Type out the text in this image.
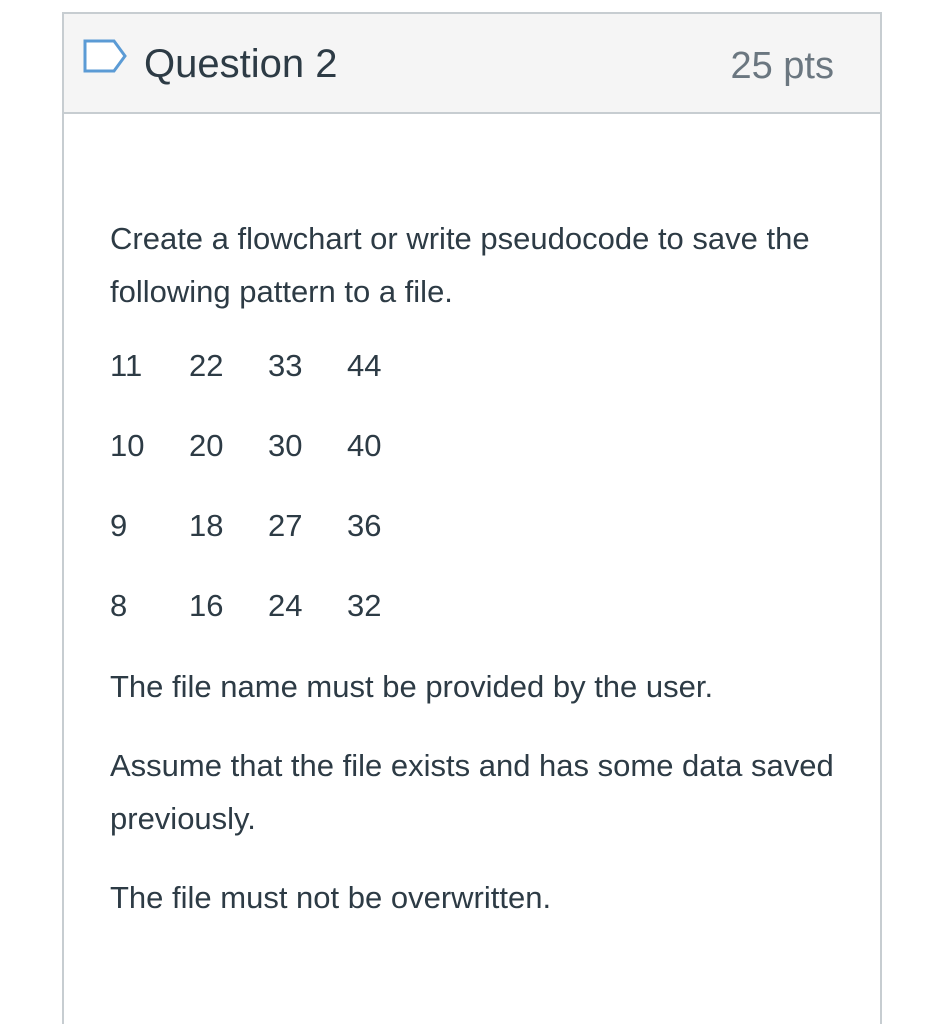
Question 2	25 pts

Create a flowchart or write pseudocode to save the following pattern to a file.

11 22 33 44
10 20 30 40
9 18 27 36
8 16 24 32

The file name must be provided by the user.

Assume that the file exists and has some data saved previously.

The file must not be overwritten.
